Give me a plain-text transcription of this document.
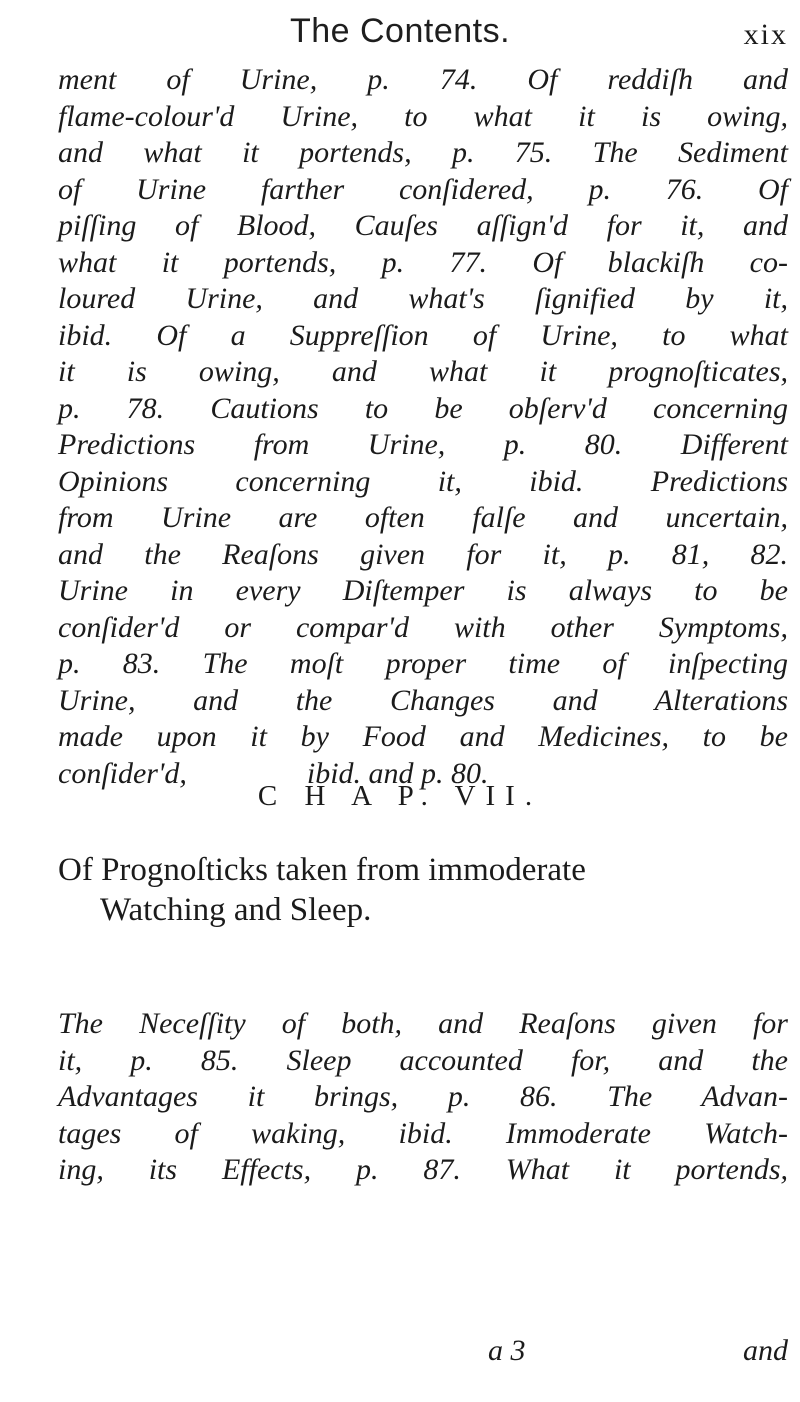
The Contents.	xix
ment of Urine, p. 74. Of reddiſh and
flame-colour'd Urine, to what it is owing,
and what it portends, p. 75. The Sediment
of Urine farther conſidered, p. 76. Of
piſſing of Blood, Cauſes aſſign'd for it, and
what it portends, p. 77. Of blackiſh co-
loured Urine, and what's ſignified by it,
ibid. Of a Suppreſſion of Urine, to what
it is owing, and what it prognoſticates,
p. 78. Cautions to be obſerv'd concerning
Predictions from Urine, p. 80. Different
Opinions concerning it, ibid. Predictions
from Urine are often falſe and uncertain,
and the Reaſons given for it, p. 81, 82.
Urine in every Diſtemper is always to be
conſider'd or compar'd with other Symptoms,
p. 83. The moſt proper time of inſpecting
Urine, and the Changes and Alterations
made upon it by Food and Medicines, to be
conſider'd,                ibid. and p. 80.
C H A P. VII.
Of Prognoſticks taken from immoderate
Watching and Sleep.
The Neceſſity of both, and Reaſons given for
it, p. 85. Sleep accounted for, and the
Advantages it brings, p. 86. The Advan-
tages of waking, ibid. Immoderate Watch-
ing, its Effects, p. 87. What it portends,
a 3	and
